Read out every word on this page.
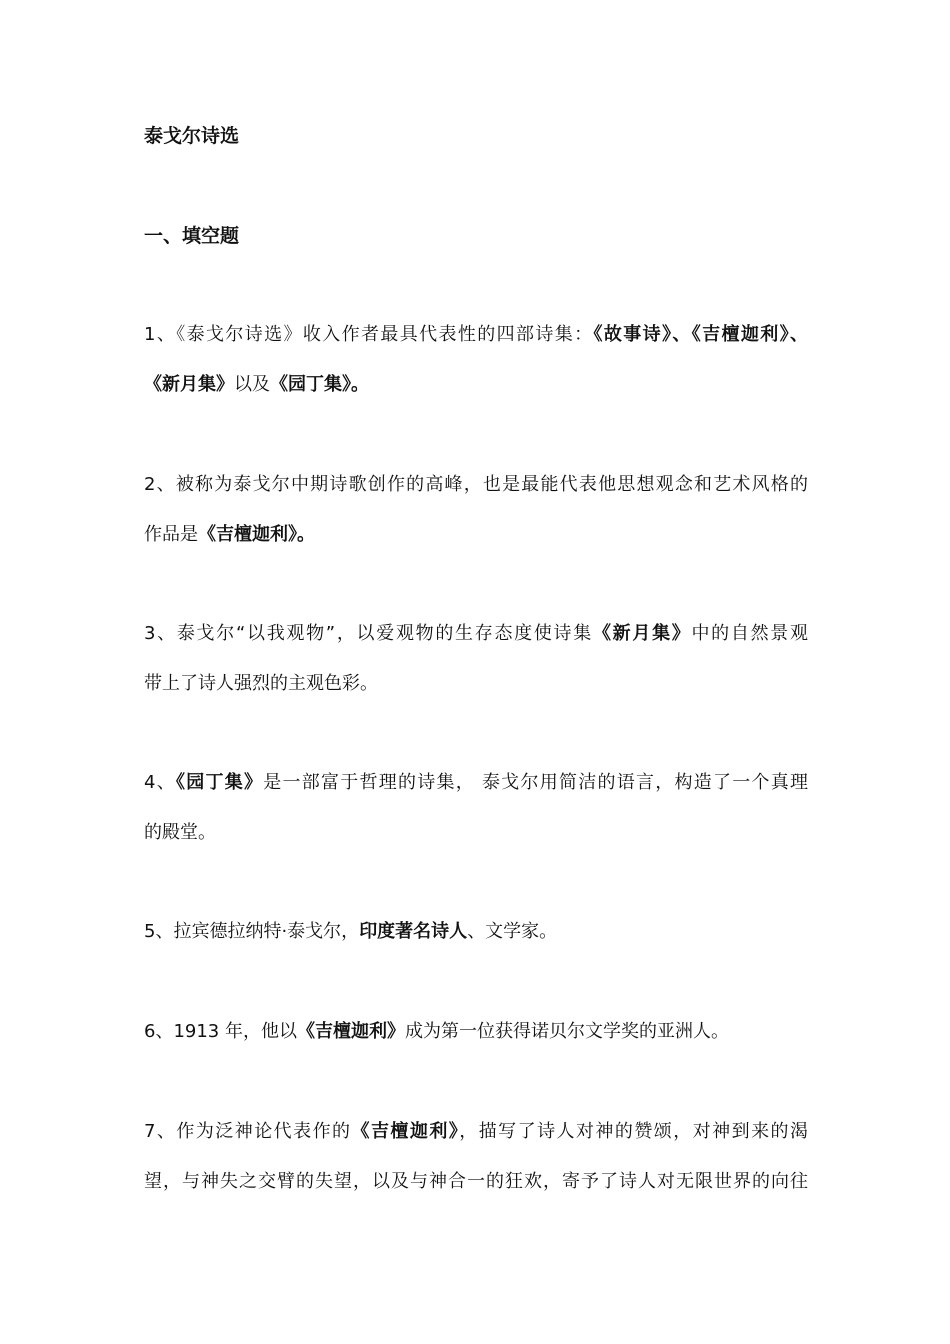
泰戈尔诗选
一、填空题
1、《泰戈尔诗选》收入作者最具代表性的四部诗集：《故事诗》、《吉檀迦利》、
《新月集》以及《园丁集》。
2、被称为泰戈尔中期诗歌创作的高峰，也是最能代表他思想观念和艺术风格的
作品是《吉檀迦利》。
3、泰戈尔“以我观物”，以爱观物的生存态度使诗集《新月集》中的自然景观
带上了诗人强烈的主观色彩。
4、《园丁集》是一部富于哲理的诗集， 泰戈尔用简洁的语言，构造了一个真理
的殿堂。
5、拉宾德拉纳特·泰戈尔，印度著名诗人、文学家。
6、1913 年，他以《吉檀迦利》成为第一位获得诺贝尔文学奖的亚洲人。
7、作为泛神论代表作的《吉檀迦利》，描写了诗人对神的赞颂，对神到来的渴
望，与神失之交臂的失望，以及与神合一的狂欢，寄予了诗人对无限世界的向往
